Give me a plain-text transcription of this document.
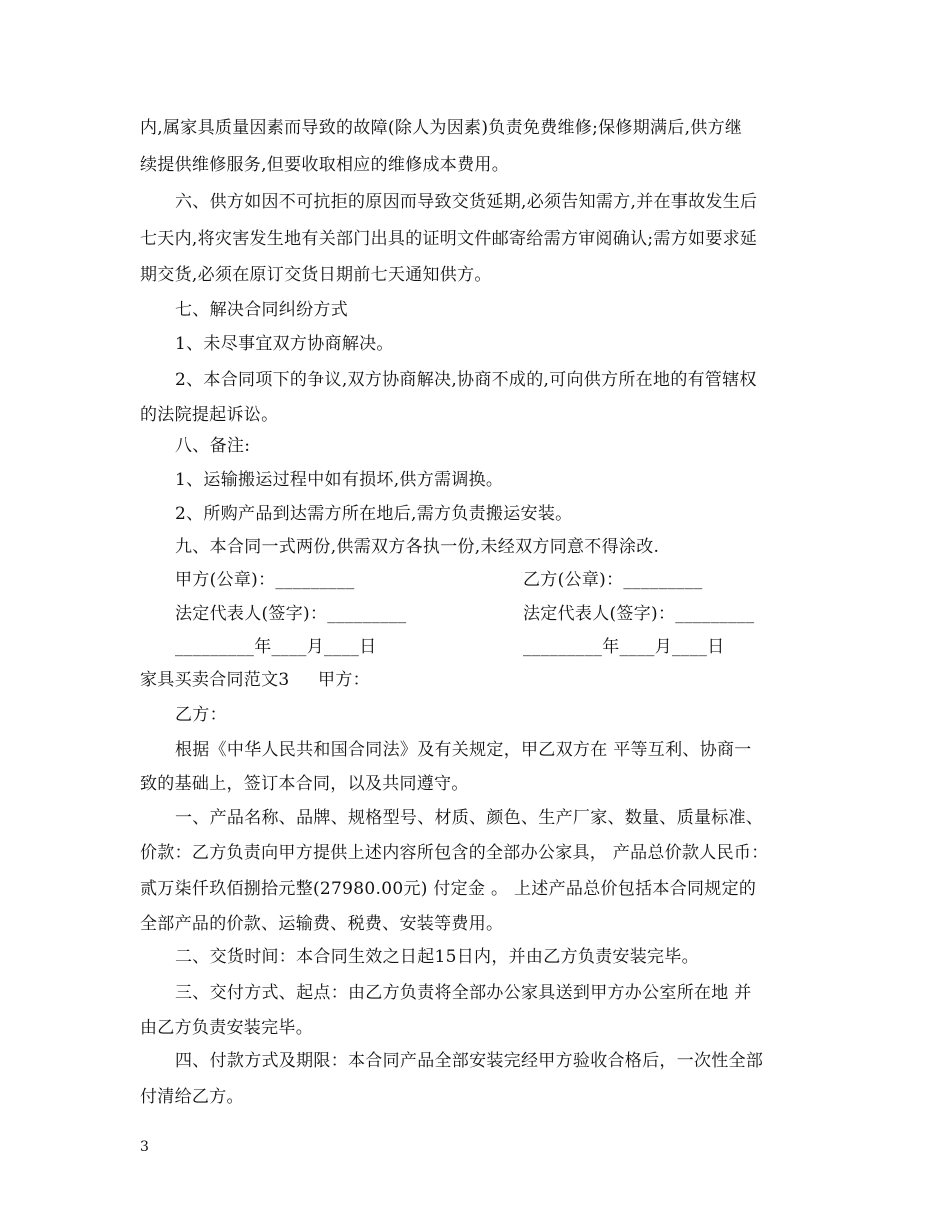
内,属家具质量因素而导致的故障(除人为因素)负责免费维修;保修期满后,供方继
续提供维修服务,但要收取相应的维修成本费用。
六、供方如因不可抗拒的原因而导致交货延期,必须告知需方,并在事故发生后
七天内,将灾害发生地有关部门出具的证明文件邮寄给需方审阅确认;需方如要求延
期交货,必须在原订交货日期前七天通知供方。
七、解决合同纠纷方式
1、未尽事宜双方协商解决。
2、本合同项下的争议,双方协商解决,协商不成的,可向供方所在地的有管辖权
的法院提起诉讼。
八、备注:
1、运输搬运过程中如有损坏,供方需调换。
2、所购产品到达需方所在地后,需方负责搬运安装。
九、本合同一式两份,供需双方各执一份,未经双方同意不得涂改.
甲方(公章)：_________	乙方(公章)：_________
法定代表人(签字)：_________	法定代表人(签字)：_________
_________年____月____日	_________年____月____日
家具买卖合同范文3     甲方：
乙方：
根据《中华人民共和国合同法》及有关规定，甲乙双方在 平等互利、协商一
致的基础上，签订本合同，以及共同遵守。
一、产品名称、品牌、规格型号、材质、颜色、生产厂家、数量、质量标准、
价款：乙方负责向甲方提供上述内容所包含的全部办公家具， 产品总价款人民币：
贰万柒仟玖佰捌拾元整(27980.00元) 付定金 。 上述产品总价包括本合同规定的
全部产品的价款、运输费、税费、安装等费用。
二、交货时间：本合同生效之日起15日内，并由乙方负责安装完毕。
三、交付方式、起点：由乙方负责将全部办公家具送到甲方办公室所在地 并
由乙方负责安装完毕。
四、付款方式及期限：本合同产品全部安装完经甲方验收合格后，一次性全部
付清给乙方。
3
